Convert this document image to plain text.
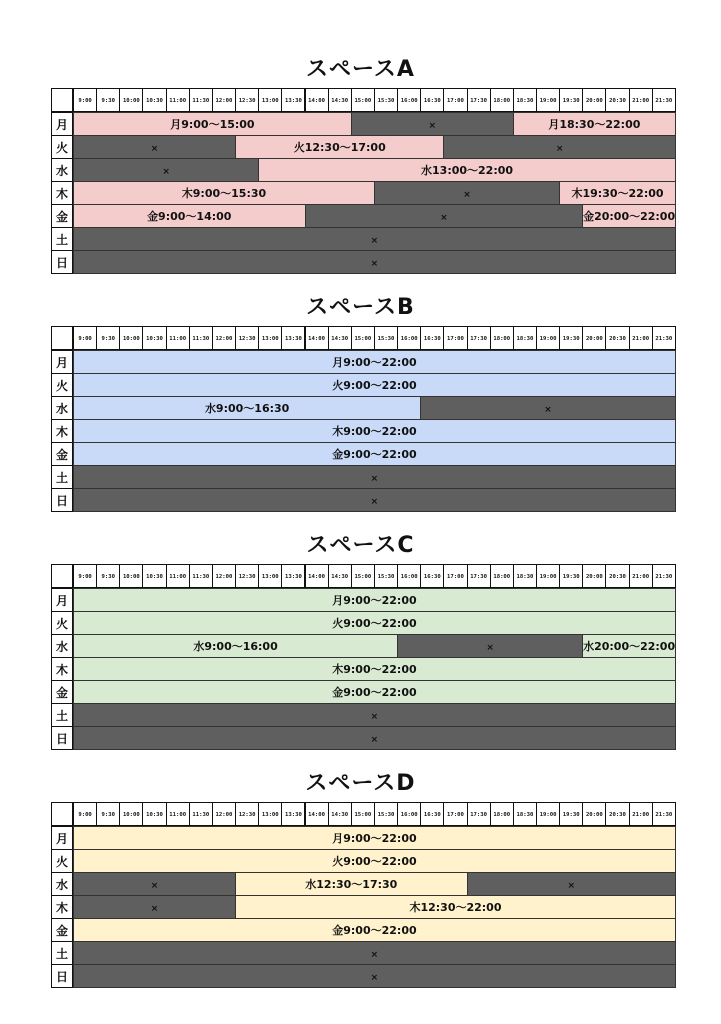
スペースA
9:00	9:30	10:00	10:30	11:00	11:30	12:00	12:30	13:00	13:30	14:00	14:30	15:00	15:30	16:00	16:30	17:00	17:30	18:00	18:30	19:00	19:30	20:00	20:30	21:00	21:30
月	月9:00〜15:00	×	月18:30〜22:00
火	×	火12:30〜17:00	×
水	×	水13:00〜22:00
木	木9:00〜15:30	×	木19:30〜22:00
金	金9:00〜14:00	×	金20:00〜22:00
土	×
日	×
スペースB
9:00	9:30	10:00	10:30	11:00	11:30	12:00	12:30	13:00	13:30	14:00	14:30	15:00	15:30	16:00	16:30	17:00	17:30	18:00	18:30	19:00	19:30	20:00	20:30	21:00	21:30
月	月9:00〜22:00
火	火9:00〜22:00
水	水9:00〜16:30	×
木	木9:00〜22:00
金	金9:00〜22:00
土	×
日	×
スペースC
9:00	9:30	10:00	10:30	11:00	11:30	12:00	12:30	13:00	13:30	14:00	14:30	15:00	15:30	16:00	16:30	17:00	17:30	18:00	18:30	19:00	19:30	20:00	20:30	21:00	21:30
月	月9:00〜22:00
火	火9:00〜22:00
水	水9:00〜16:00	×	水20:00〜22:00
木	木9:00〜22:00
金	金9:00〜22:00
土	×
日	×
スペースD
9:00	9:30	10:00	10:30	11:00	11:30	12:00	12:30	13:00	13:30	14:00	14:30	15:00	15:30	16:00	16:30	17:00	17:30	18:00	18:30	19:00	19:30	20:00	20:30	21:00	21:30
月	月9:00〜22:00
火	火9:00〜22:00
水	×	水12:30〜17:30	×
木	×	木12:30〜22:00
金	金9:00〜22:00
土	×
日	×
